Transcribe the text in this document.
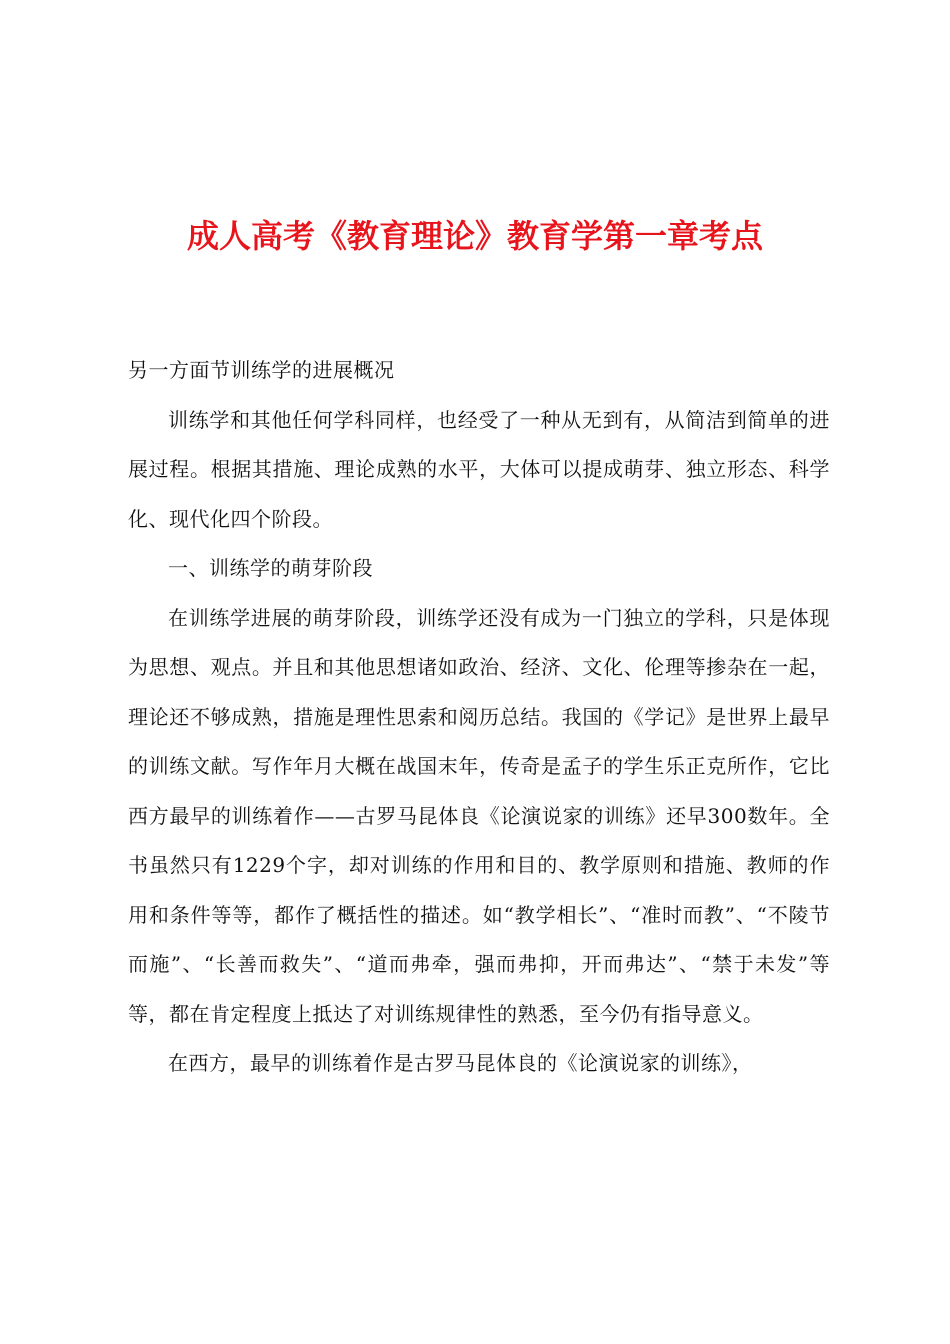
成人高考《教育理论》教育学第一章考点

另一方面节训练学的进展概况

训练学和其他任何学科同样，也经受了一种从无到有，从简洁到简单的进展过程。根据其措施、理论成熟的水平，大体可以提成萌芽、独立形态、科学化、现代化四个阶段。

一、训练学的萌芽阶段

在训练学进展的萌芽阶段，训练学还没有成为一门独立的学科，只是体现为思想、观点。并且和其他思想诸如政治、经济、文化、伦理等掺杂在一起，理论还不够成熟，措施是理性思索和阅历总结。我国的《学记》是世界上最早的训练文献。写作年月大概在战国末年，传奇是孟子的学生乐正克所作，它比西方最早的训练着作——古罗马昆体良《论演说家的训练》还早300数年。全书虽然只有1229个字，却对训练的作用和目的、教学原则和措施、教师的作用和条件等等，都作了概括性的描述。如“教学相长”、“准时而教”、“不陵节而施”、“长善而救失”、“道而弗牵，强而弗抑，开而弗达”、“禁于未发”等等，都在肯定程度上抵达了对训练规律性的熟悉，至今仍有指导意义。

在西方，最早的训练着作是古罗马昆体良的《论演说家的训练》，
